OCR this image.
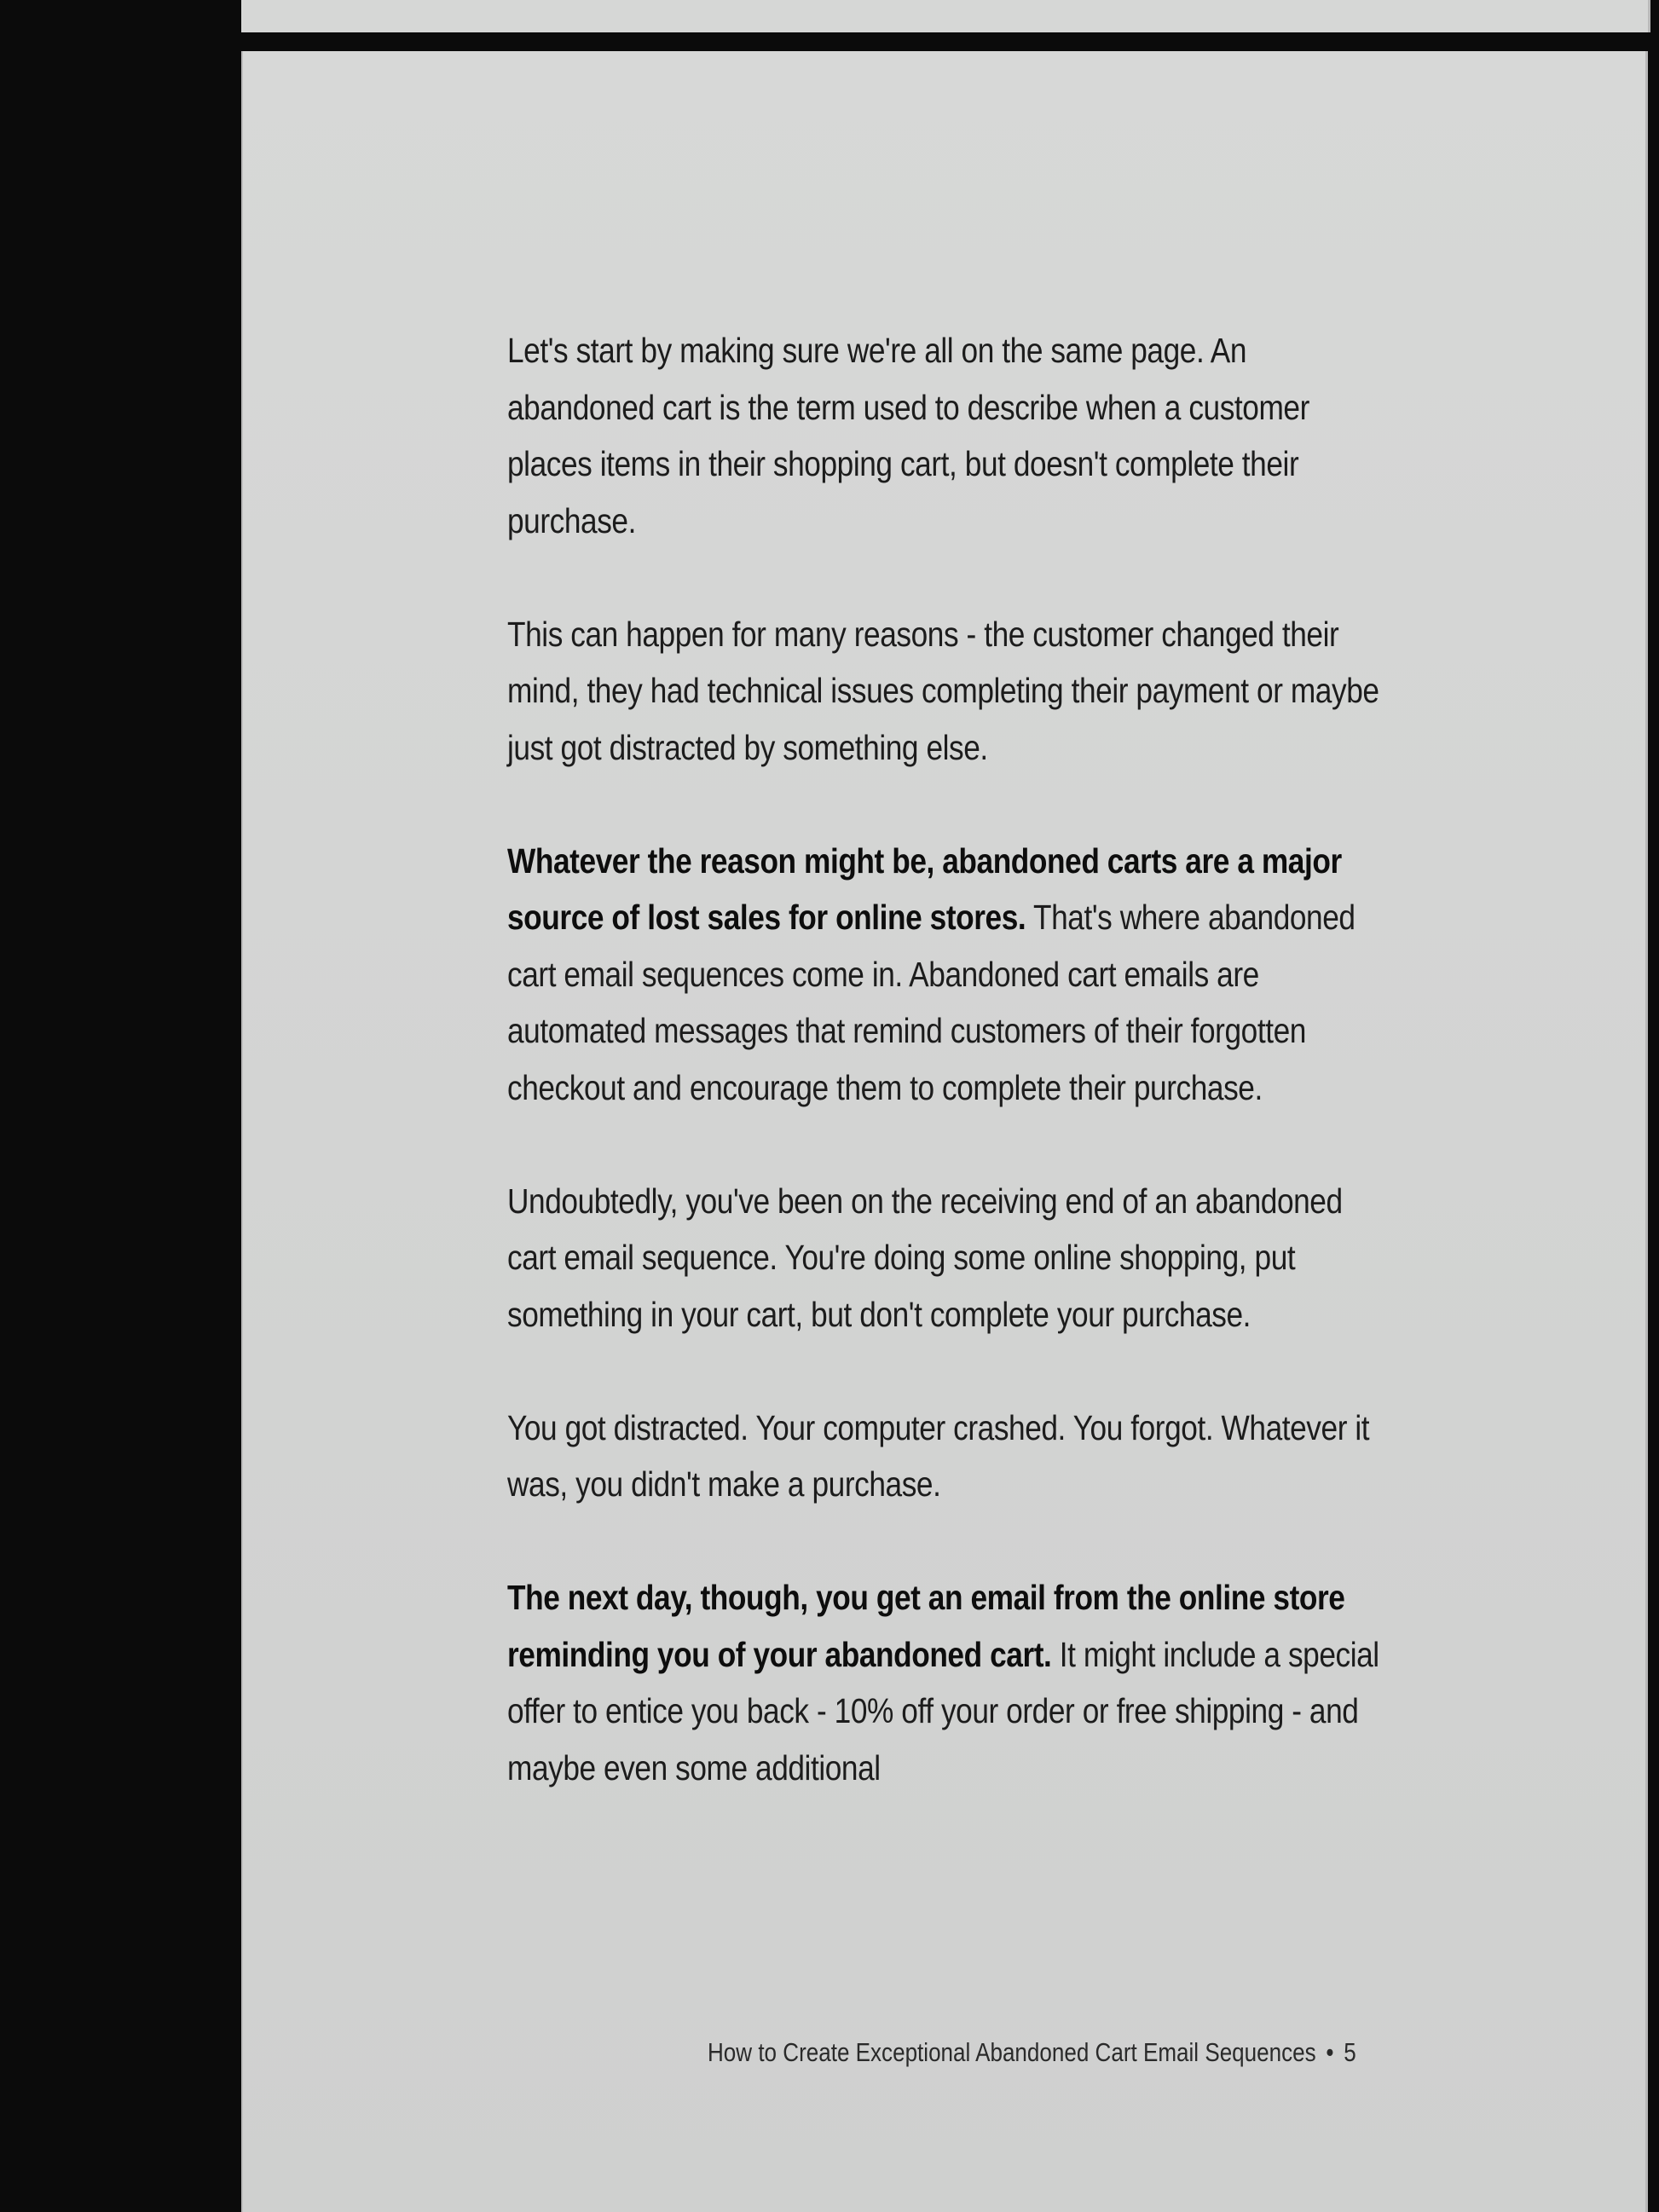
Let's start by making sure we're all on the same page. An abandoned cart is the term used to describe when a customer places items in their shopping cart, but doesn't complete their purchase.

This can happen for many reasons - the customer changed their mind, they had technical issues completing their payment or maybe just got distracted by something else.

Whatever the reason might be, abandoned carts are a major source of lost sales for online stores. That's where abandoned cart email sequences come in. Abandoned cart emails are automated messages that remind customers of their forgotten checkout and encourage them to complete their purchase.

Undoubtedly, you've been on the receiving end of an abandoned cart email sequence. You're doing some online shopping, put something in your cart, but don't complete your purchase.

You got distracted. Your computer crashed. You forgot. Whatever it was, you didn't make a purchase.

The next day, though, you get an email from the online store reminding you of your abandoned cart. It might include a special offer to entice you back - 10% off your order or free shipping - and maybe even some additional

How to Create Exceptional Abandoned Cart Email Sequences • 5
